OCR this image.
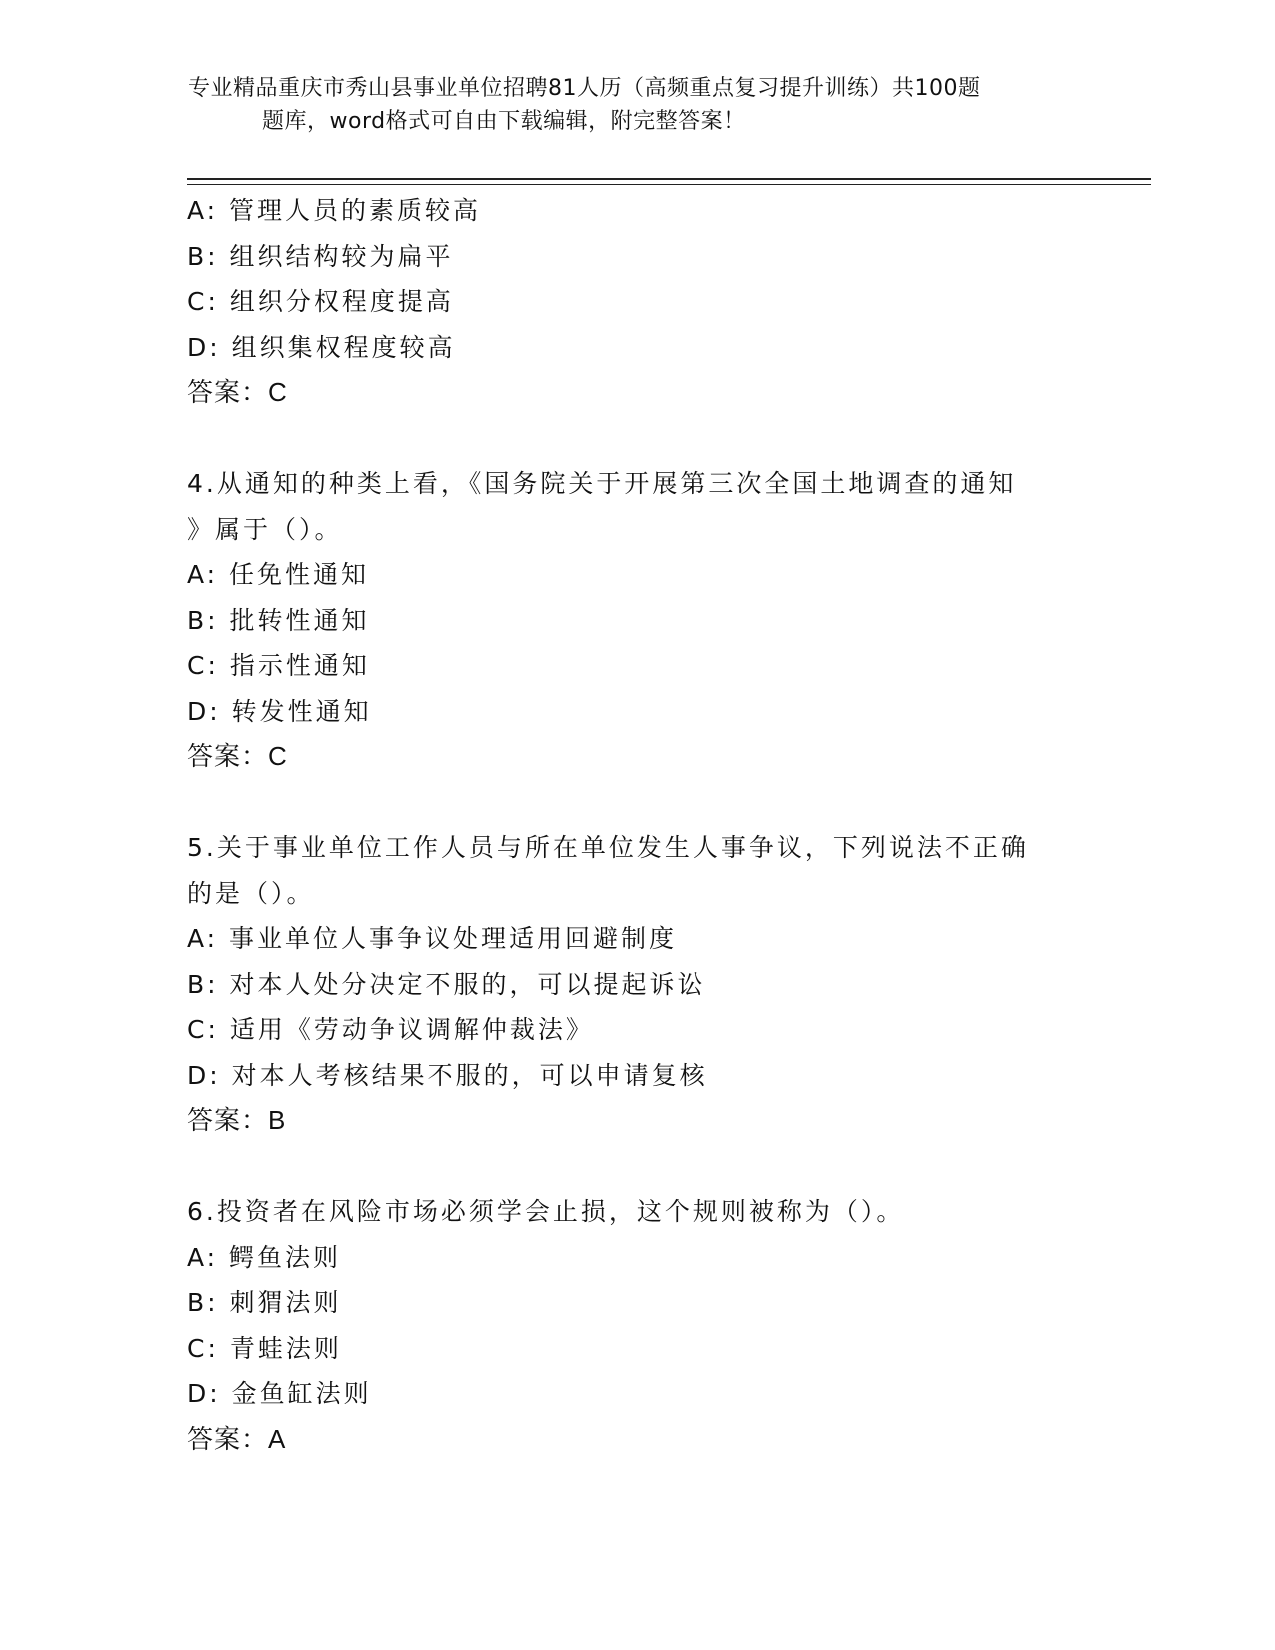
专业精品重庆市秀山县事业单位招聘81人历（高频重点复习提升训练）共100题
题库，word格式可自由下载编辑，附完整答案！
A: 管理人员的素质较高
B: 组织结构较为扁平
C: 组织分权程度提高
D: 组织集权程度较高
答案：C
4.从通知的种类上看，《国务院关于开展第三次全国土地调查的通知
》属于（）。
A: 任免性通知
B: 批转性通知
C: 指示性通知
D: 转发性通知
答案：C
5.关于事业单位工作人员与所在单位发生人事争议，下列说法不正确
的是（）。
A: 事业单位人事争议处理适用回避制度
B: 对本人处分决定不服的，可以提起诉讼
C: 适用《劳动争议调解仲裁法》
D: 对本人考核结果不服的，可以申请复核
答案：B
6.投资者在风险市场必须学会止损，这个规则被称为（）。
A: 鳄鱼法则
B: 刺猬法则
C: 青蛙法则
D: 金鱼缸法则
答案：A
